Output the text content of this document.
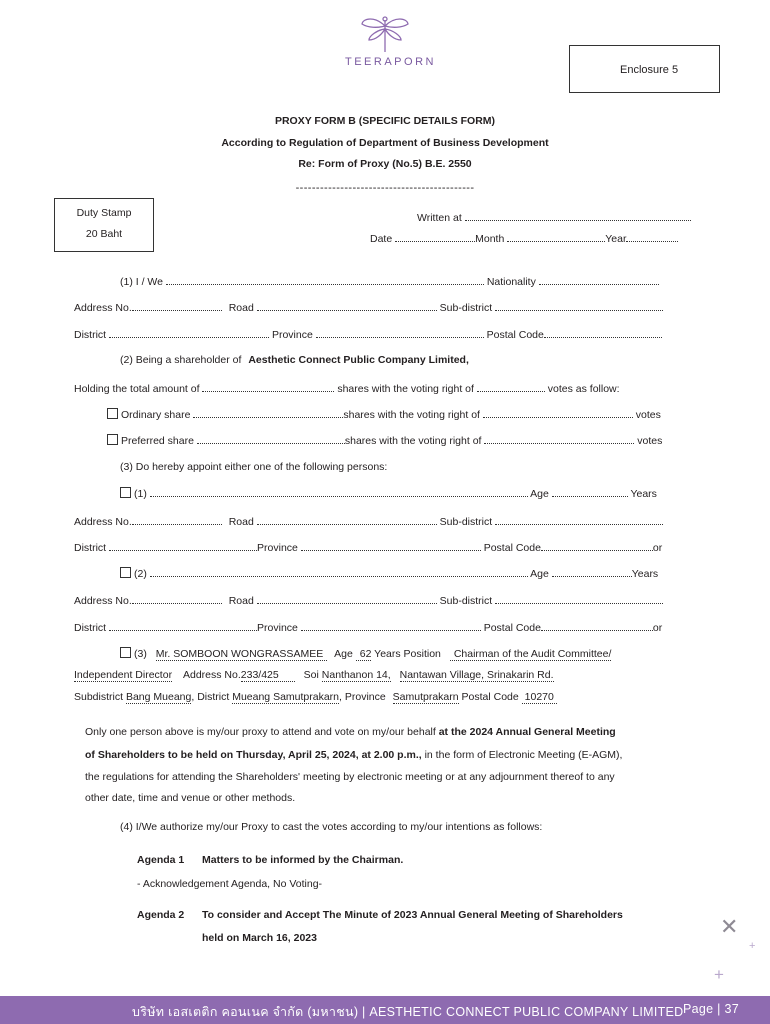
TEERAPORN
Enclosure 5
PROXY FORM B (SPECIFIC DETAILS FORM)
According to Regulation of Department of Business Development
Re: Form of Proxy (No.5) B.E. 2550
--------------------------------------------
Duty Stamp
20 Baht
Written at
Date	Month	Year
(1) I / We	Nationality
Address No.	Road	Sub-district
District	Province	Postal Code
(2) Being a shareholder of Aesthetic Connect Public Company Limited,
Holding the total amount of	shares with the voting right of	votes as follow:
Ordinary share	shares with the voting right of	votes
Preferred share	shares with the voting right of	votes
(3) Do hereby appoint either one of the following persons:
(1)	Age	Years
Address No.	Road	Sub-district
District	Province	Postal Code	or
(2)	Age	Years
Address No.	Road	Sub-district
District	Province	Postal Code	or
(3) Mr. SOMBOON WONGRASSAMEE Age 62 Years Position Chairman of the Audit Committee/
Independent Director Address No.233/425 Soi Nanthanon 14, Nantawan Village, Srinakarin Rd.
Subdistrict Bang Mueang, District Mueang Samutprakarn, Province Samutprakarn Postal Code 10270
Only one person above is my/our proxy to attend and vote on my/our behalf at the 2024 Annual General Meeting
of Shareholders to be held on Thursday, April 25, 2024, at 2.00 p.m., in the form of Electronic Meeting (E-AGM),
the regulations for attending the Shareholders' meeting by electronic meeting or at any adjournment thereof to any
other date, time and venue or other methods.
(4) I/We authorize my/our Proxy to cast the votes according to my/our intentions as follows:
Agenda 1 Matters to be informed by the Chairman.
- Acknowledgement Agenda, No Voting-
Agenda 2 To consider and Accept The Minute of 2023 Annual General Meeting of Shareholders
held on March 16, 2023	✕
+
+
บริษัท เอสเตติก คอนเนค จำกัด (มหาชน) | AESTHETIC CONNECT PUBLIC COMPANY LIMITED Page | 37
